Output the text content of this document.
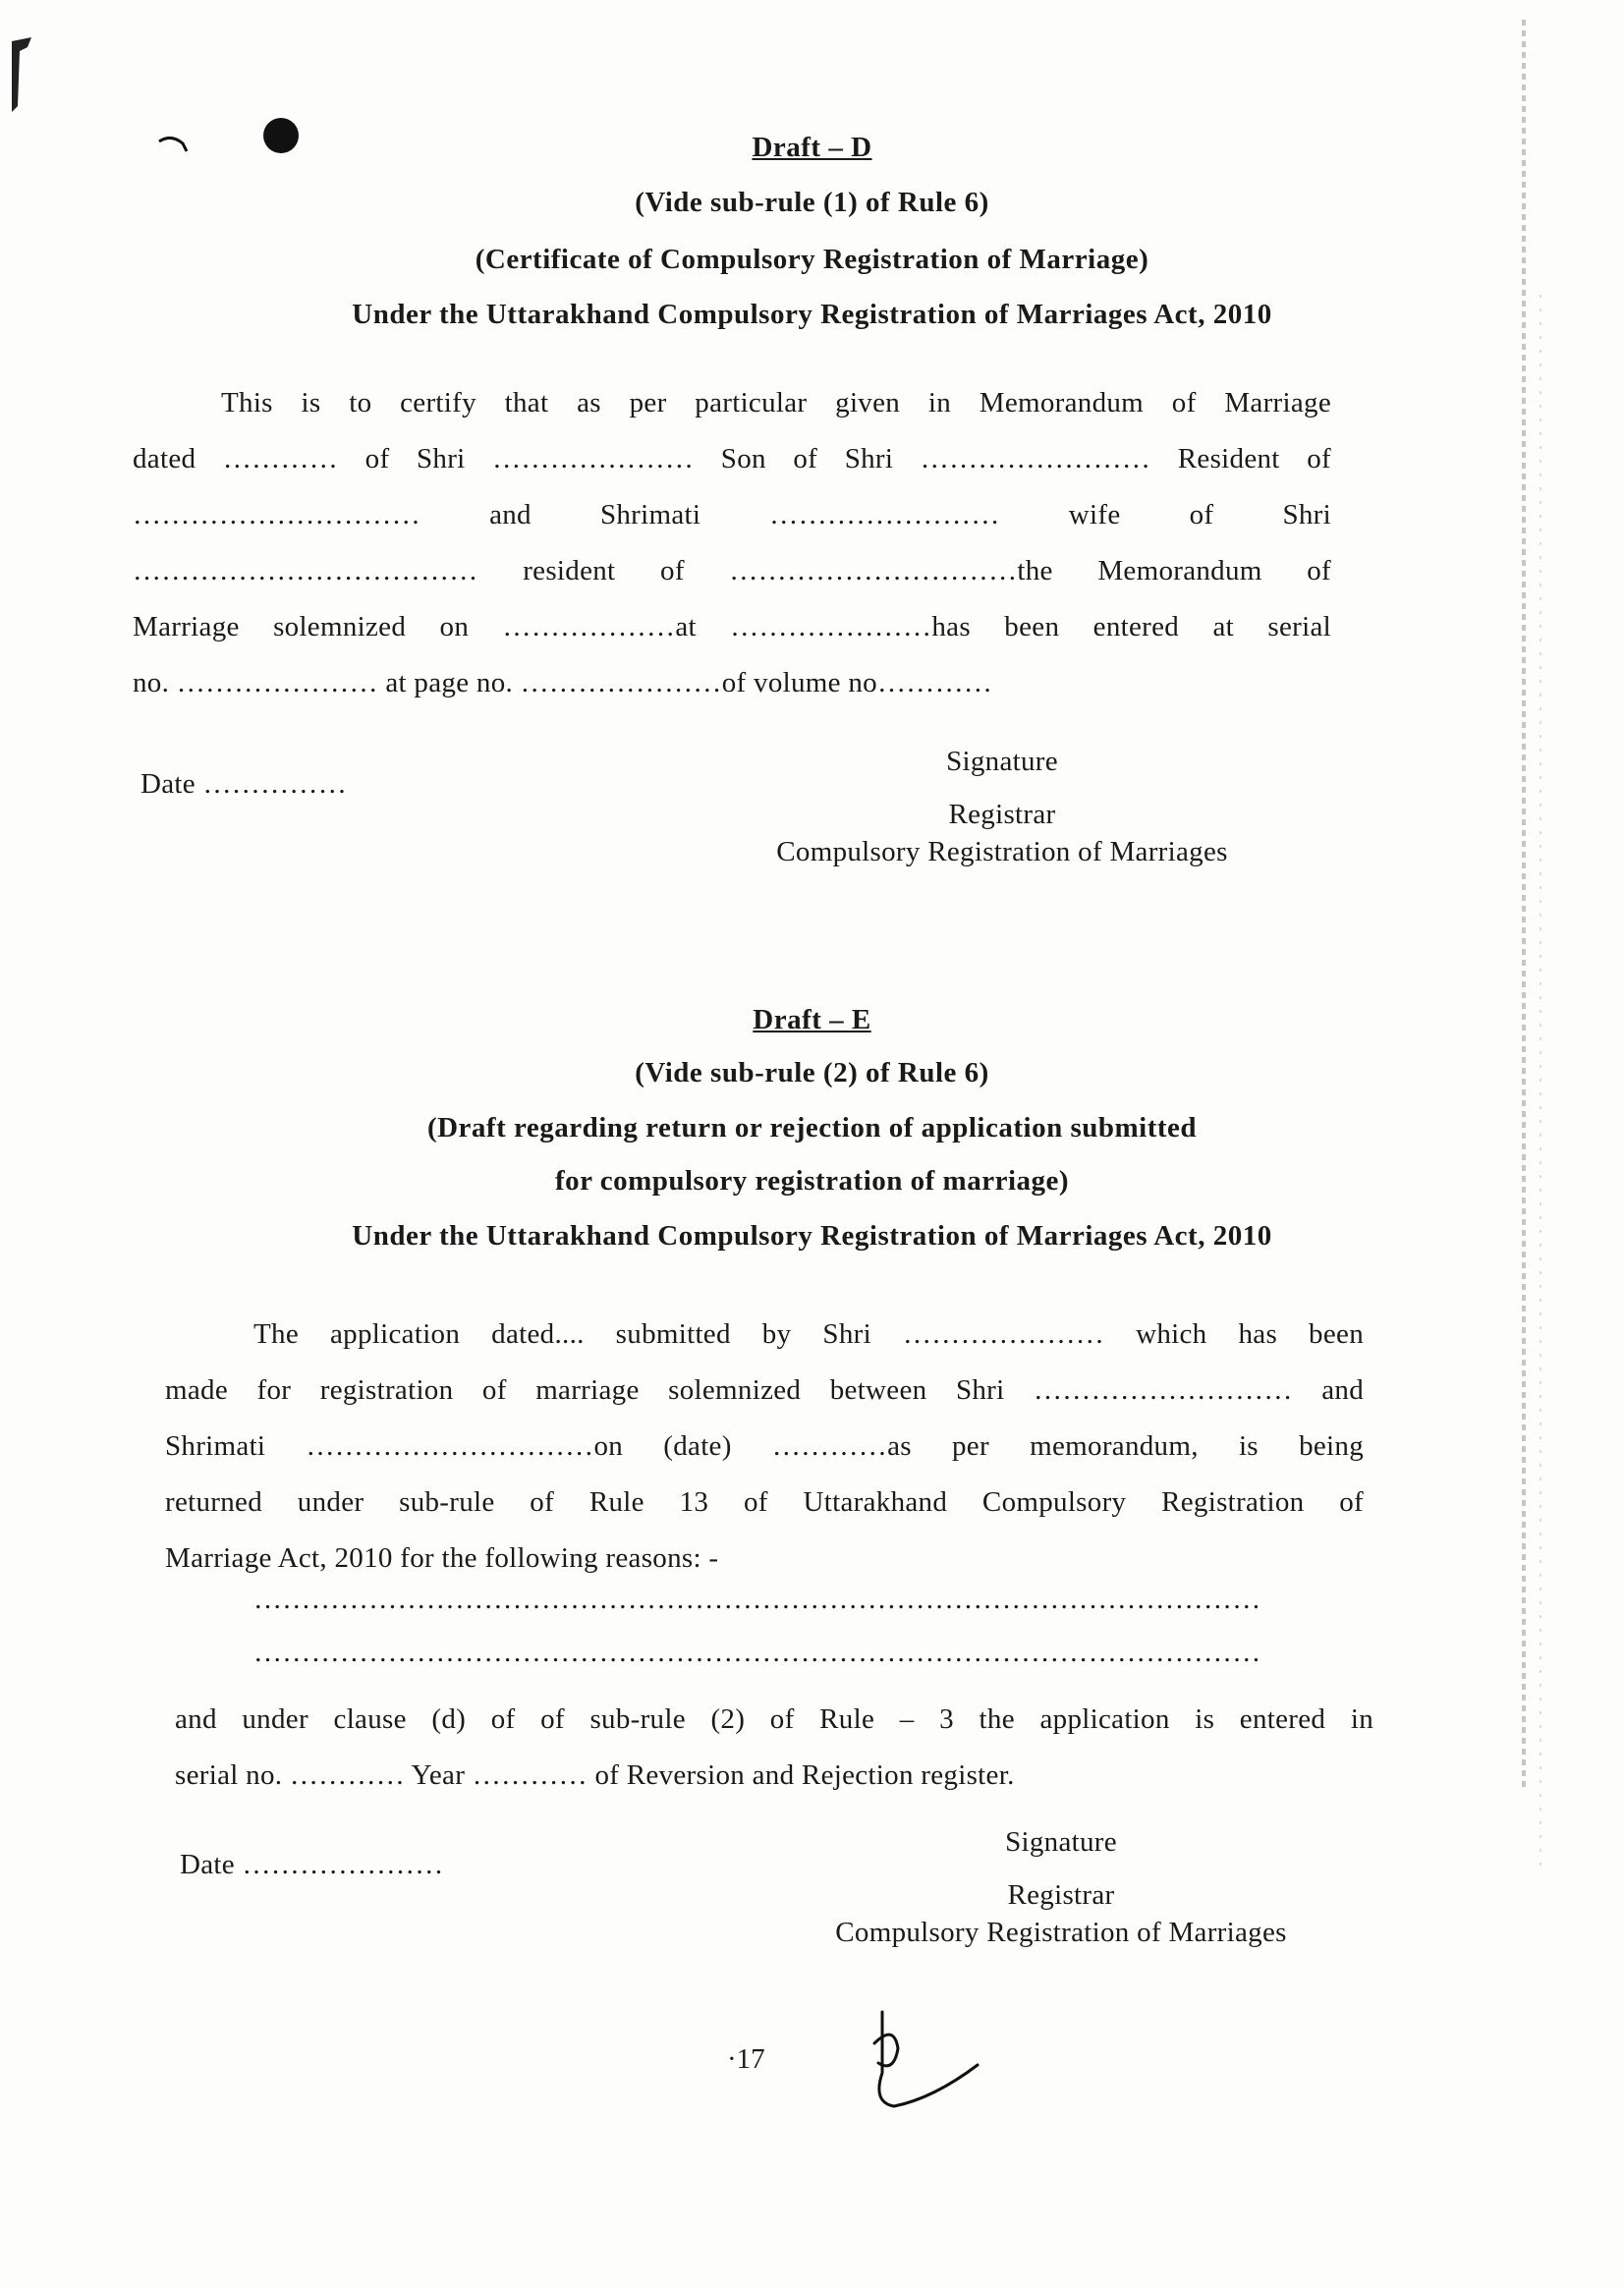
Draft – D
(Vide sub-rule (1) of Rule 6)
(Certificate of Compulsory Registration of Marriage)
Under the Uttarakhand Compulsory Registration of Marriages Act, 2010
This is to certify that as per particular given in Memorandum of Marriage
dated ………… of Shri ………………… Son of Shri …………………… Resident of
………………………… and Shrimati …………………… wife of Shri
……………………………… resident of …………………………the Memorandum of
Marriage solemnized on ………………at …………………has been entered at serial
no. ………………… at page no. …………………of volume no…………
Date ……………
Signature
Registrar
Compulsory Registration of Marriages
Draft – E
(Vide sub-rule (2) of Rule 6)
(Draft regarding return or rejection of application submitted
for compulsory registration of marriage)
Under the Uttarakhand Compulsory Registration of Marriages Act, 2010
The application dated.... submitted by Shri ………………… which has been
made for registration of marriage solemnized between Shri ……………………… and
Shrimati …………………………on (date) …………as per memorandum, is being
returned under sub-rule of Rule 13 of Uttarakhand Compulsory Registration of
Marriage Act, 2010 for the following reasons: -
……………………………………………………………………………………………
……………………………………………………………………………………………
and under clause (d) of of sub-rule (2) of Rule – 3 the application is entered in
serial no. ………… Year ………… of Reversion and Rejection register.
Date …………………
Signature
Registrar
Compulsory Registration of Marriages
·17
